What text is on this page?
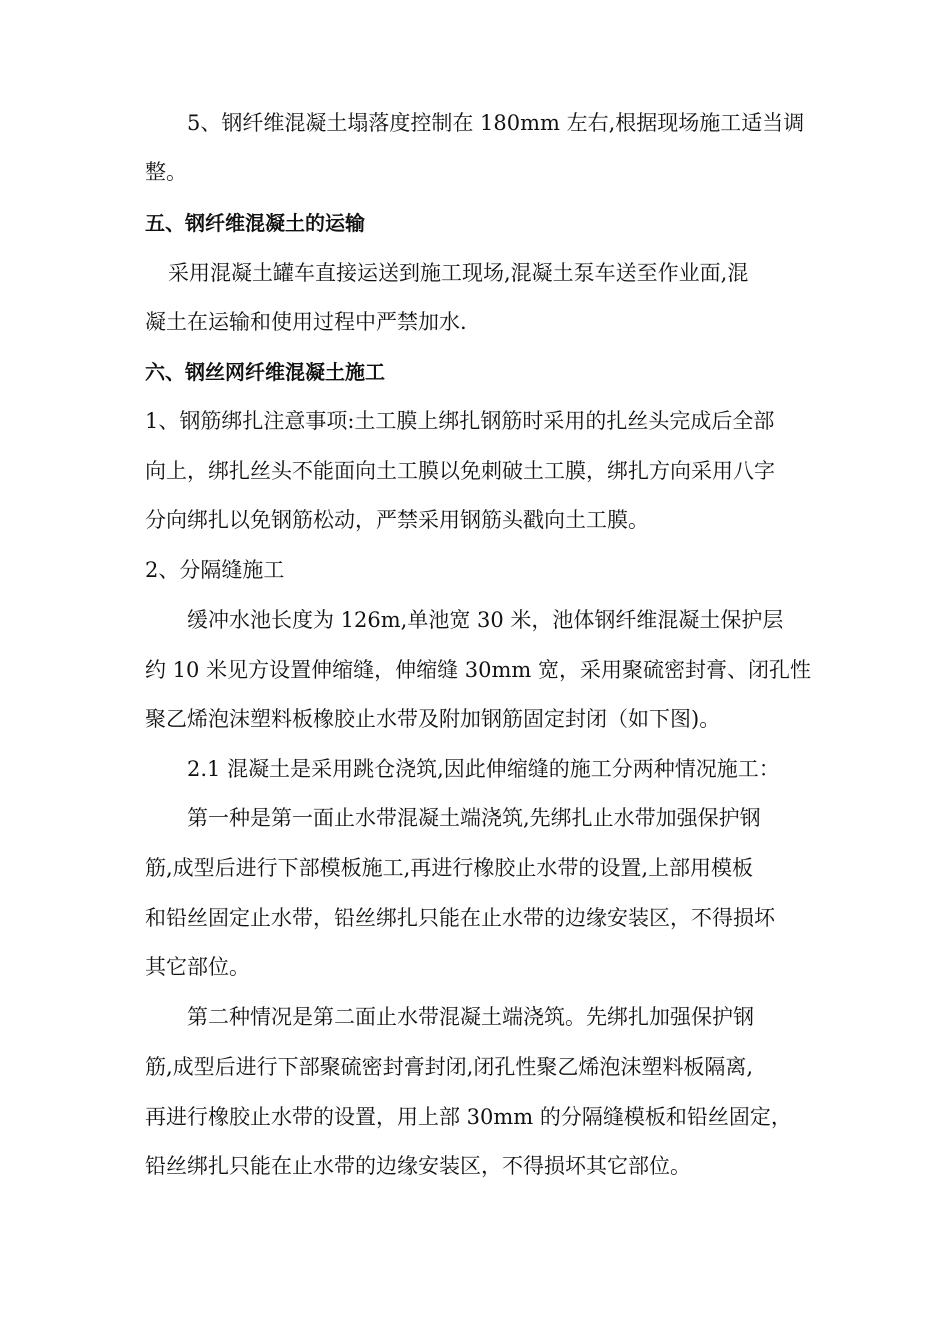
5、钢纤维混凝土塌落度控制在 180mm 左右,根据现场施工适当调
整。
五、钢纤维混凝土的运输
采用混凝土罐车直接运送到施工现场,混凝土泵车送至作业面,混
凝土在运输和使用过程中严禁加水.
六、钢丝网纤维混凝土施工
1、钢筋绑扎注意事项:土工膜上绑扎钢筋时采用的扎丝头完成后全部
向上，绑扎丝头不能面向土工膜以免刺破土工膜，绑扎方向采用八字
分向绑扎以免钢筋松动，严禁采用钢筋头戳向土工膜。
2、分隔缝施工
缓冲水池长度为 126m,单池宽 30 米，池体钢纤维混凝土保护层
约 10 米见方设置伸缩缝，伸缩缝 30mm 宽，采用聚硫密封膏、闭孔性
聚乙烯泡沫塑料板橡胶止水带及附加钢筋固定封闭（如下图)。
2.1 混凝土是采用跳仓浇筑,因此伸缩缝的施工分两种情况施工：
第一种是第一面止水带混凝土端浇筑,先绑扎止水带加强保护钢
筋,成型后进行下部模板施工,再进行橡胶止水带的设置,上部用模板
和铅丝固定止水带，铅丝绑扎只能在止水带的边缘安装区，不得损坏
其它部位。
第二种情况是第二面止水带混凝土端浇筑。先绑扎加强保护钢
筋,成型后进行下部聚硫密封膏封闭,闭孔性聚乙烯泡沫塑料板隔离,
再进行橡胶止水带的设置，用上部 30mm 的分隔缝模板和铅丝固定，
铅丝绑扎只能在止水带的边缘安装区，不得损坏其它部位。
